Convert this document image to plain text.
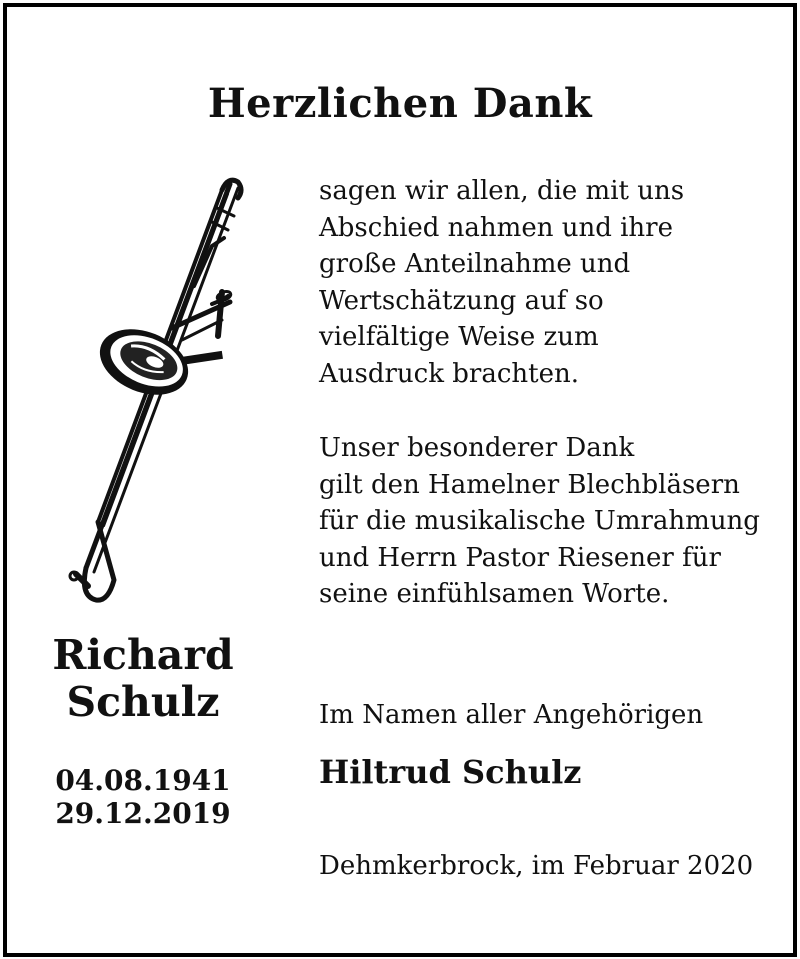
Herzlichen Dank
sagen wir allen, die mit uns
Abschied nahmen und ihre
große Anteilnahme und
Wertschätzung auf so
vielfältige Weise zum
Ausdruck brachten.
Unser besonderer Dank
gilt den Hamelner Blechbläsern
für die musikalische Umrahmung
und Herrn Pastor Riesener für
seine einfühlsamen Worte.
Richard
Schulz
04.08.1941
29.12.2019
Im Namen aller Angehörigen
Hiltrud Schulz
Dehmkerbrock, im Februar 2020
